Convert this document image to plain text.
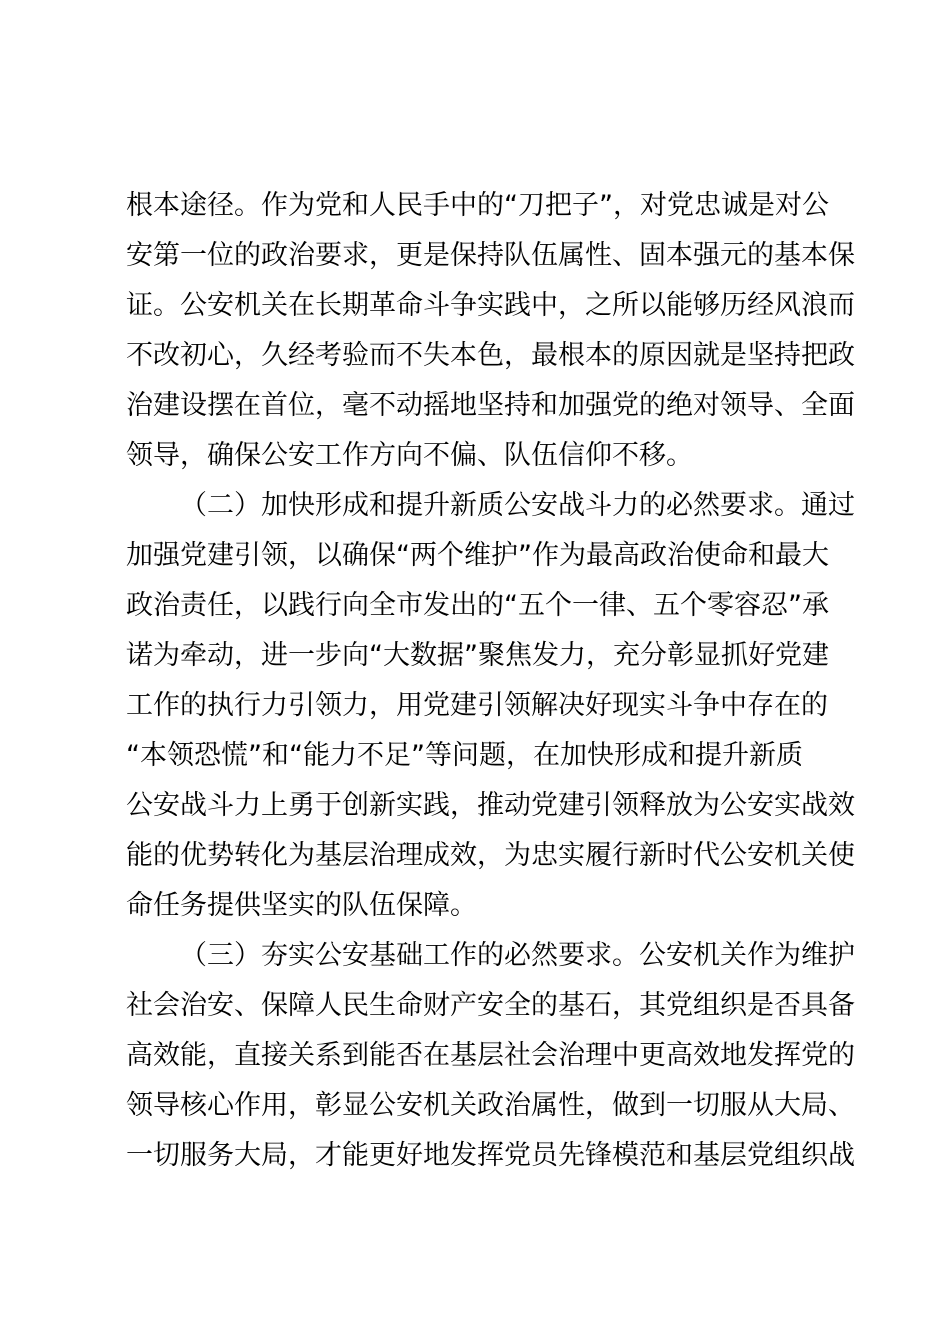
根本途径。作为党和人民手中的“刀把子”，对党忠诚是对公

安第一位的政治要求，更是保持队伍属性、固本强元的基本保

证。公安机关在长期革命斗争实践中，之所以能够历经风浪而

不改初心，久经考验而不失本色，最根本的原因就是坚持把政

治建设摆在首位，毫不动摇地坚持和加强党的绝对领导、全面

领导，确保公安工作方向不偏、队伍信仰不移。

（二）加快形成和提升新质公安战斗力的必然要求。通过

加强党建引领，以确保“两个维护”作为最高政治使命和最大

政治责任，以践行向全市发出的“五个一律、五个零容忍”承

诺为牵动，进一步向“大数据”聚焦发力，充分彰显抓好党建

工作的执行力引领力，用党建引领解决好现实斗争中存在的

“本领恐慌”和“能力不足”等问题，在加快形成和提升新质

公安战斗力上勇于创新实践，推动党建引领释放为公安实战效

能的优势转化为基层治理成效，为忠实履行新时代公安机关使

命任务提供坚实的队伍保障。

（三）夯实公安基础工作的必然要求。公安机关作为维护

社会治安、保障人民生命财产安全的基石，其党组织是否具备

高效能，直接关系到能否在基层社会治理中更高效地发挥党的

领导核心作用，彰显公安机关政治属性，做到一切服从大局、

一切服务大局，才能更好地发挥党员先锋模范和基层党组织战
